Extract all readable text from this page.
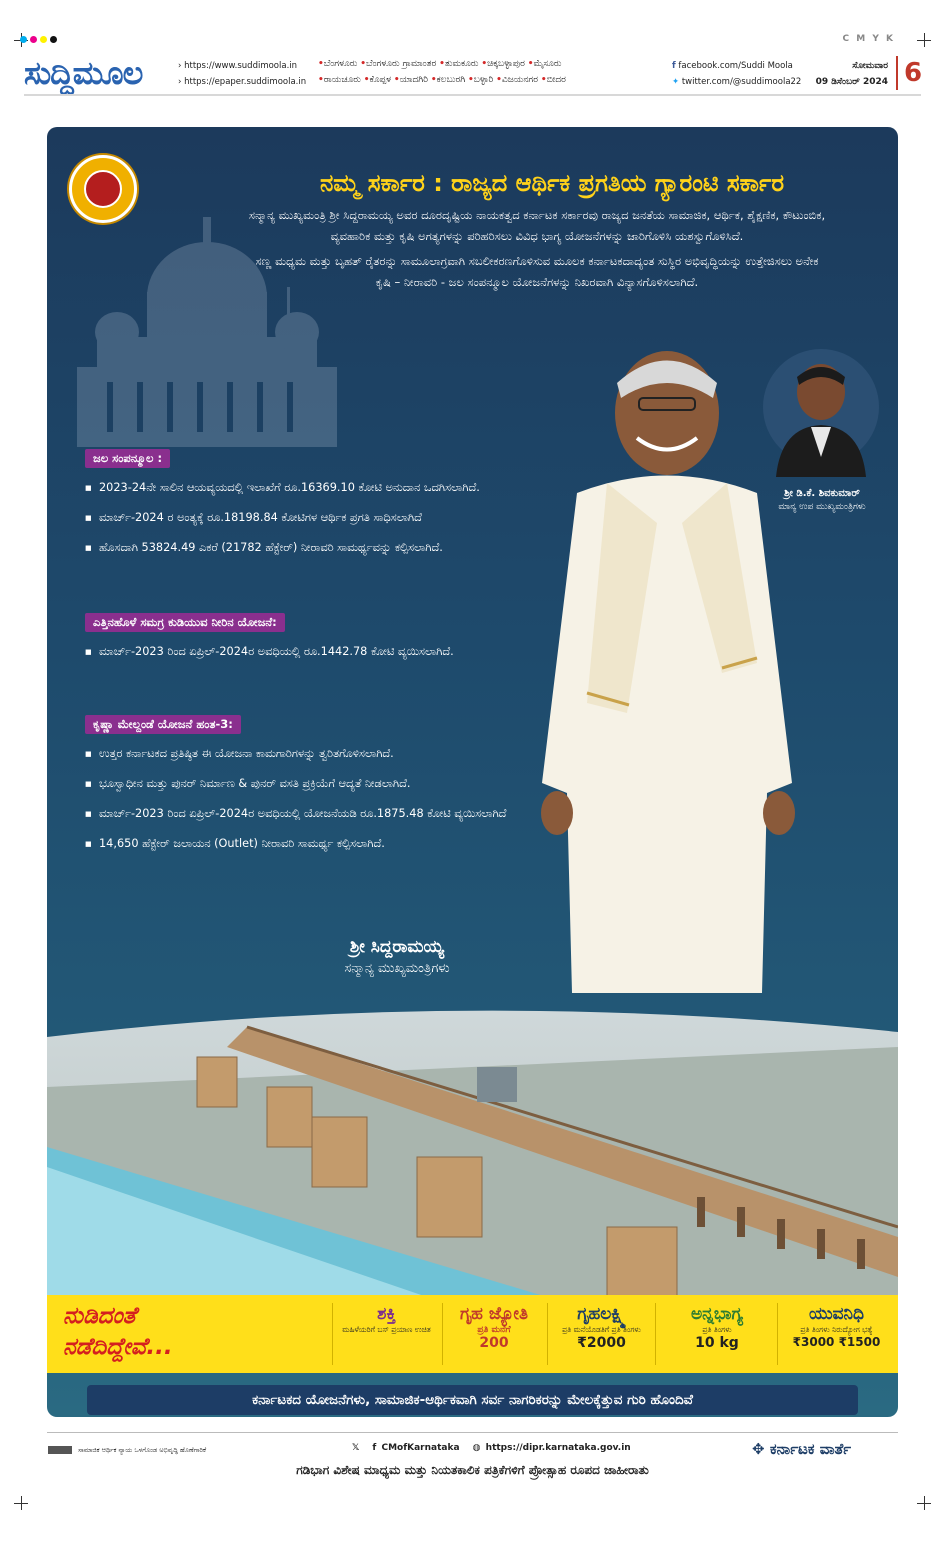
C M Y K
ಸುದ್ದಿಮೂಲ	› https://www.suddimoola.in
› https://epaper.suddimoola.in
•ಬೆಂಗಳೂರು •ಬೆಂಗಳೂರು ಗ್ರಾಮಾಂತರ •ತುಮಕೂರು •ಚಿಕ್ಕಬಳ್ಳಾಪುರ •ಮೈಸೂರು
•ರಾಯಚೂರು •ಕೊಪ್ಪಳ •ಯಾದಗಿರಿ •ಕಲಬುರಗಿ •ಬಳ್ಳಾರಿ •ವಿಜಯನಗರ •ಬೀದರ
f facebook.com/Suddi Moola
✦ twitter.com/@suddimoola22
ಸೋಮವಾರ
09 ಡಿಸೆಂಬರ್ 2024 6
ನಮ್ಮ ಸರ್ಕಾರ : ರಾಜ್ಯದ ಆರ್ಥಿಕ ಪ್ರಗತಿಯ ಗ್ಯಾರಂಟಿ ಸರ್ಕಾರ

ಸನ್ಮಾನ್ಯ ಮುಖ್ಯಮಂತ್ರಿ ಶ್ರೀ ಸಿದ್ದರಾಮಯ್ಯ ಅವರ ದೂರದೃಷ್ಟಿಯ ನಾಯಕತ್ವದ ಕರ್ನಾಟಕ ಸರ್ಕಾರವು ರಾಜ್ಯದ ಜನತೆಯ ಸಾಮಾಜಿಕ, ಆರ್ಥಿಕ, ಶೈಕ್ಷಣಿಕ, ಕೌಟುಂಬಿಕ, ವ್ಯವಹಾರಿಕ ಮತ್ತು ಕೃಷಿ ಅಗತ್ಯಗಳನ್ನು ಪರಿಹರಿಸಲು ವಿವಿಧ ಭಾಗ್ಯ ಯೋಜನೆಗಳನ್ನು ಜಾರಿಗೊಳಿಸಿ ಯಶಸ್ವುಗೊಳಿಸಿದೆ.

ಸಣ್ಣ ಮಧ್ಯಮ ಮತ್ತು ಬೃಹತ್ ರೈತರನ್ನು ಸಾಮೂಲಾಗ್ರವಾಗಿ ಸಬಲೀಕರಣಗೊಳಿಸುವ ಮೂಲಕ ಕರ್ನಾಟಕದಾದ್ಯಂತ ಸುಸ್ಥಿರ ಅಭಿವೃದ್ಧಿಯನ್ನು ಉತ್ತೇಜಿಸಲು ಅನೇಕ ಕೃಷಿ – ನೀರಾವರಿ - ಜಲ ಸಂಪನ್ಮೂಲ ಯೋಜನೆಗಳನ್ನು ನಿಖರವಾಗಿ ವಿನ್ಯಾಸಗೊಳಿಸಲಾಗಿದೆ.

ಜಲ ಸಂಪನ್ಮೂಲ :
■ 2023-24ನೇ ಸಾಲಿನ ಆಯವ್ಯಯದಲ್ಲಿ ಇಲಾಖೆಗೆ ರೂ.16369.10 ಕೋಟಿ ಅನುದಾನ ಒದಗಿಸಲಾಗಿದೆ.
■ ಮಾರ್ಚ್-2024 ರ ಅಂತ್ಯಕ್ಕೆ ರೂ.18198.84 ಕೋಟಿಗಳ ಆರ್ಥಿಕ ಪ್ರಗತಿ ಸಾಧಿಸಲಾಗಿದೆ
■ ಹೊಸದಾಗಿ 53824.49 ಎಕರೆ (21782 ಹೆಕ್ಟೇರ್) ನೀರಾವರಿ ಸಾಮರ್ಥ್ಯವನ್ನು ಕಲ್ಪಿಸಲಾಗಿದೆ.
ಎತ್ತಿನಹೊಳೆ ಸಮಗ್ರ ಕುಡಿಯುವ ನೀರಿನ ಯೋಜನೆ:
■ ಮಾರ್ಚ್-2023 ರಿಂದ ಏಪ್ರಿಲ್-2024ರ ಅವಧಿಯಲ್ಲಿ ರೂ.1442.78 ಕೋಟಿ ವ್ಯಯಿಸಲಾಗಿದೆ.
ಕೃಷ್ಣಾ ಮೇಲ್ದಂಡೆ ಯೋಜನೆ ಹಂತ-3:
■ ಉತ್ತರ ಕರ್ನಾಟಕದ ಪ್ರತಿಷ್ಠಿತ ಈ ಯೋಜನಾ ಕಾಮಗಾರಿಗಳನ್ನು ತ್ವರಿತಗೊಳಿಸಲಾಗಿದೆ.
■ ಭೂಸ್ವಾಧೀನ ಮತ್ತು ಪುನರ್ ನಿರ್ಮಾಣ & ಪುನರ್ ವಸತಿ ಪ್ರಕ್ರಿಯೆಗೆ ಆದ್ಯತೆ ನೀಡಲಾಗಿದೆ.
■ ಮಾರ್ಚ್-2023 ರಿಂದ ಏಪ್ರಿಲ್-2024ರ ಅವಧಿಯಲ್ಲಿ ಯೋಜನೆಯಡಿ ರೂ.1875.48 ಕೋಟಿ ವ್ಯಯಿಸಲಾಗಿದೆ
■ 14,650 ಹೆಕ್ಟೇರ್ ಜಲಾಯನ (Outlet) ನೀರಾವರಿ ಸಾಮರ್ಥ್ಯ ಕಲ್ಪಿಸಲಾಗಿದೆ.
ಶ್ರೀ ಡಿ.ಕೆ. ಶಿವಕುಮಾರ್
ಮಾನ್ಯ ಉಪ ಮುಖ್ಯಮಂತ್ರಿಗಳು
ಶ್ರೀ ಸಿದ್ದರಾಮಯ್ಯ
ಸನ್ಮಾನ್ಯ ಮುಖ್ಯಮಂತ್ರಿಗಳು
ನುಡಿದಂತೆ
ನಡೆದಿದ್ದೇವೆ...
ಶಕ್ತಿ
ಮಹಿಳೆಯರಿಗೆ ಬಸ್ ಪ್ರಯಾಣ ಉಚಿತ
ಗೃಹ ಜ್ಯೋತಿ
ಪ್ರತಿ ಮನೆಗೆ
200
ಗೃಹಲಕ್ಷ್ಮಿ
ಪ್ರತಿ ಮನೆಯೊಡತಿಗೆ ಪ್ರತಿ ತಿಂಗಳು
₹2000
ಅನ್ನಭಾಗ್ಯ
ಪ್ರತಿ ತಿಂಗಳು
10 kg
ಯುವನಿಧಿ
ಪ್ರತಿ ತಿಂಗಳು ನಿರುದ್ಯೋಗ ಭತ್ಯೆ
₹3000 ₹1500
ಕರ್ನಾಟಕದ ಯೋಜನೆಗಳು, ಸಾಮಾಜಿಕ-ಆರ್ಥಿಕವಾಗಿ ಸರ್ವ ನಾಗರಿಕರನ್ನು ಮೇಲಕ್ಕೆತ್ತುವ ಗುರಿ ಹೊಂದಿವೆ
ಸಾಮಾಜಿಕ ಆರ್ಥಿಕ ನ್ಯಾಯ ಒಳಗೊಂಡ ಅಭಿವೃದ್ಧಿ ಹೊಣೆಗಾರಿಕೆ	𝕏 f CMofKarnataka ◍ https://dipr.karnataka.gov.in	✥ ಕರ್ನಾಟಕ ವಾರ್ತೆ
ಗಡಿಭಾಗ ವಿಶೇಷ ಮಾಧ್ಯಮ ಮತ್ತು ನಿಯತಕಾಲಿಕ ಪತ್ರಿಕೆಗಳಿಗೆ ಪ್ರೋತ್ಸಾಹ ರೂಪದ ಜಾಹೀರಾತು
